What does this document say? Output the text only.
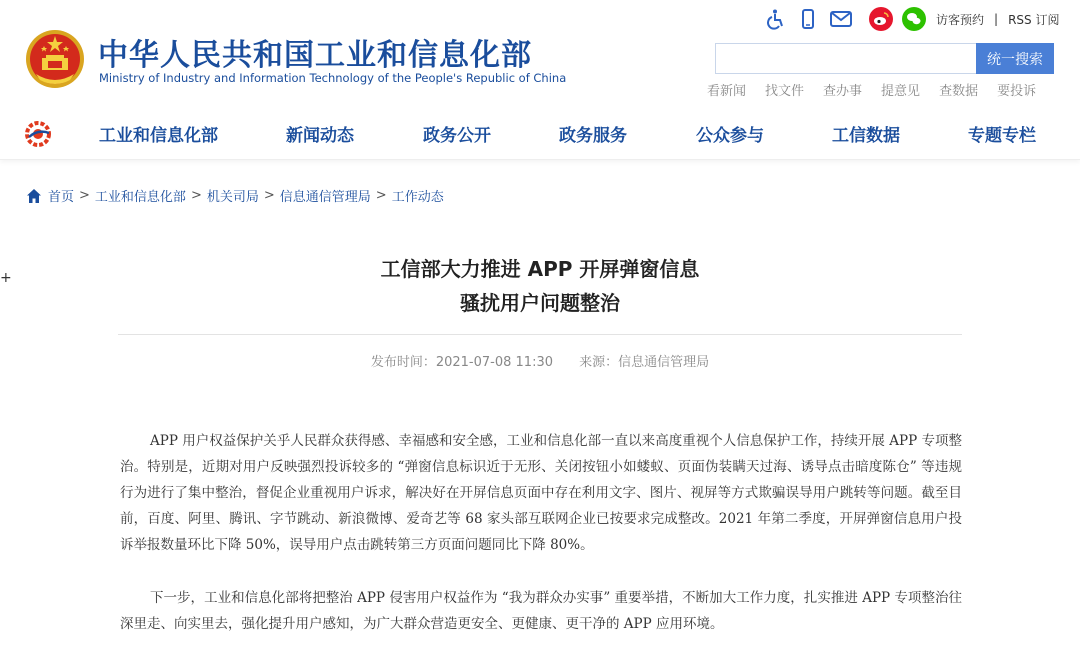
中华人民共和国工业和信息化部
Ministry of Industry and Information Technology of the People's Republic of China
访客预约 | RSS 订阅
统一搜索
看新闻 找文件 查办事 提意见 查数据 要投诉
工业和信息化部	新闻动态	政务公开	政务服务	公众参与	工信数据	专题专栏
首页 > 工业和信息化部 > 机关司局 > 信息通信管理局 > 工作动态
+	工信部大力推进 APP 开屏弹窗信息
骚扰用户问题整治
发布时间：2021-07-08 11:30 来源：信息通信管理局

APP 用户权益保护关乎人民群众获得感、幸福感和安全感，工业和信息化部一直以来高度重视个人信息保护工作，持续开展 APP 专项整治。特别是，近期对用户反映强烈投诉较多的 “弹窗信息标识近于无形、关闭按钮小如蝼蚁、页面伪装瞒天过海、诱导点击暗度陈仓” 等违规行为进行了集中整治，督促企业重视用户诉求，解决好在开屏信息页面中存在利用文字、图片、视屏等方式欺骗误导用户跳转等问题。截至目前，百度、阿里、腾讯、字节跳动、新浪微博、爱奇艺等 68 家头部互联网企业已按要求完成整改。2021 年第二季度，开屏弹窗信息用户投诉举报数量环比下降 50%，误导用户点击跳转第三方页面问题同比下降 80%。

下一步，工业和信息化部将把整治 APP 侵害用户权益作为 “我为群众办实事” 重要举措，不断加大工作力度，扎实推进 APP 专项整治往深里走、向实里去，强化提升用户感知，为广大群众营造更安全、更健康、更干净的 APP 应用环境。
